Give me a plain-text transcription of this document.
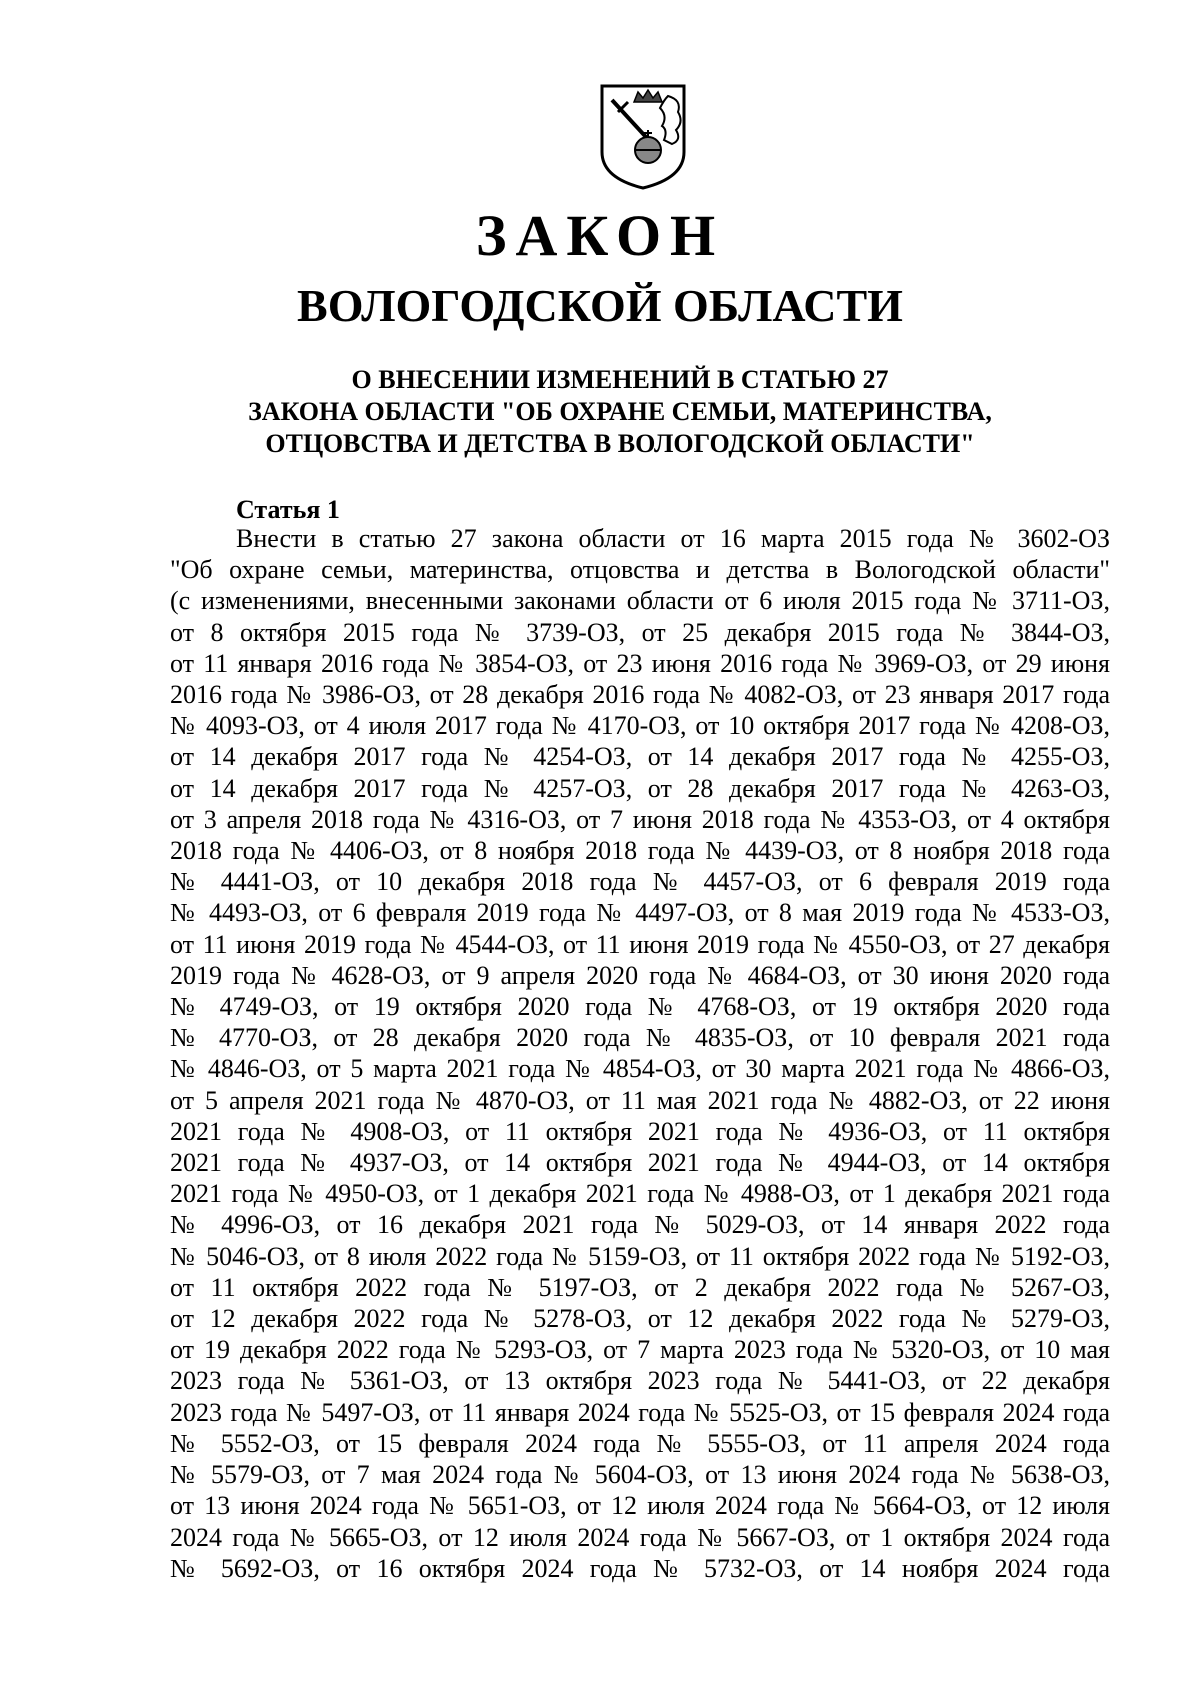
ЗАКОН
ВОЛОГОДСКОЙ ОБЛАСТИ
О ВНЕСЕНИИ ИЗМЕНЕНИЙ В СТАТЬЮ 27
ЗАКОНА ОБЛАСТИ "ОБ ОХРАНЕ СЕМЬИ, МАТЕРИНСТВА,
ОТЦОВСТВА И ДЕТСТВА В ВОЛОГОДСКОЙ ОБЛАСТИ"
Статья 1
Внести в статью 27 закона области от 16 марта 2015 года № 3602-ОЗ
"Об охране семьи, материнства, отцовства и детства в Вологодской области"
(с изменениями, внесенными законами области от 6 июля 2015 года № 3711-ОЗ,
от 8 октября 2015 года № 3739-ОЗ, от 25 декабря 2015 года № 3844-ОЗ,
от 11 января 2016 года № 3854-ОЗ, от 23 июня 2016 года № 3969-ОЗ, от 29 июня
2016 года № 3986-ОЗ, от 28 декабря 2016 года № 4082-ОЗ, от 23 января 2017 года
№ 4093-ОЗ, от 4 июля 2017 года № 4170-ОЗ, от 10 октября 2017 года № 4208-ОЗ,
от 14 декабря 2017 года № 4254-ОЗ, от 14 декабря 2017 года № 4255-ОЗ,
от 14 декабря 2017 года № 4257-ОЗ, от 28 декабря 2017 года № 4263-ОЗ,
от 3 апреля 2018 года № 4316-ОЗ, от 7 июня 2018 года № 4353-ОЗ, от 4 октября
2018 года № 4406-ОЗ, от 8 ноября 2018 года № 4439-ОЗ, от 8 ноября 2018 года
№ 4441-ОЗ, от 10 декабря 2018 года № 4457-ОЗ, от 6 февраля 2019 года
№ 4493-ОЗ, от 6 февраля 2019 года № 4497-ОЗ, от 8 мая 2019 года № 4533-ОЗ,
от 11 июня 2019 года № 4544-ОЗ, от 11 июня 2019 года № 4550-ОЗ, от 27 декабря
2019 года № 4628-ОЗ, от 9 апреля 2020 года № 4684-ОЗ, от 30 июня 2020 года
№ 4749-ОЗ, от 19 октября 2020 года № 4768-ОЗ, от 19 октября 2020 года
№ 4770-ОЗ, от 28 декабря 2020 года № 4835-ОЗ, от 10 февраля 2021 года
№ 4846-ОЗ, от 5 марта 2021 года № 4854-ОЗ, от 30 марта 2021 года № 4866-ОЗ,
от 5 апреля 2021 года № 4870-ОЗ, от 11 мая 2021 года № 4882-ОЗ, от 22 июня
2021 года № 4908-ОЗ, от 11 октября 2021 года № 4936-ОЗ, от 11 октября
2021 года № 4937-ОЗ, от 14 октября 2021 года № 4944-ОЗ, от 14 октября
2021 года № 4950-ОЗ, от 1 декабря 2021 года № 4988-ОЗ, от 1 декабря 2021 года
№ 4996-ОЗ, от 16 декабря 2021 года № 5029-ОЗ, от 14 января 2022 года
№ 5046-ОЗ, от 8 июля 2022 года № 5159-ОЗ, от 11 октября 2022 года № 5192-ОЗ,
от 11 октября 2022 года № 5197-ОЗ, от 2 декабря 2022 года № 5267-ОЗ,
от 12 декабря 2022 года № 5278-ОЗ, от 12 декабря 2022 года № 5279-ОЗ,
от 19 декабря 2022 года № 5293-ОЗ, от 7 марта 2023 года № 5320-ОЗ, от 10 мая
2023 года № 5361-ОЗ, от 13 октября 2023 года № 5441-ОЗ, от 22 декабря
2023 года № 5497-ОЗ, от 11 января 2024 года № 5525-ОЗ, от 15 февраля 2024 года
№ 5552-ОЗ, от 15 февраля 2024 года № 5555-ОЗ, от 11 апреля 2024 года
№ 5579-ОЗ, от 7 мая 2024 года № 5604-ОЗ, от 13 июня 2024 года № 5638-ОЗ,
от 13 июня 2024 года № 5651-ОЗ, от 12 июля 2024 года № 5664-ОЗ, от 12 июля
2024 года № 5665-ОЗ, от 12 июля 2024 года № 5667-ОЗ, от 1 октября 2024 года
№ 5692-ОЗ, от 16 октября 2024 года № 5732-ОЗ, от 14 ноября 2024 года
